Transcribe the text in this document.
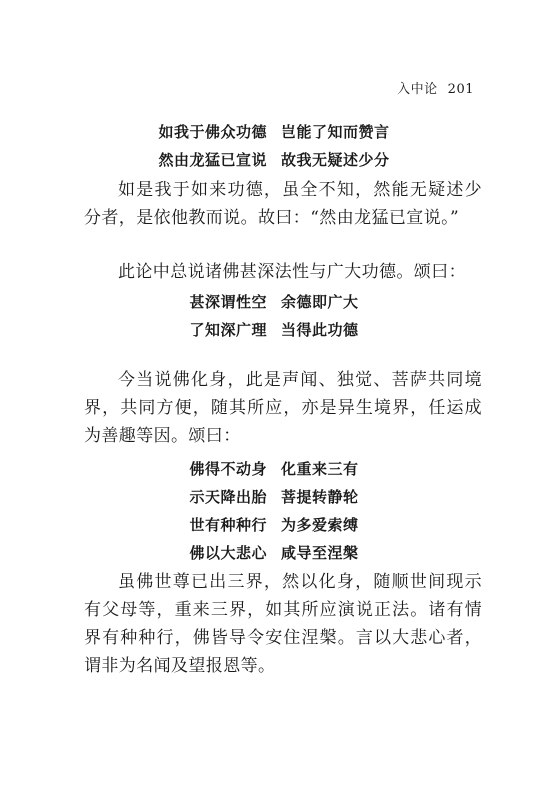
入中论 201
如我于佛众功德 岂能了知而赞言
然由龙猛已宣说 故我无疑述少分

如是我于如来功德，虽全不知，然能无疑述少分者，是依他教而说。故曰：“然由龙猛已宣说。”

此论中总说诸佛甚深法性与广大功德。颂曰：

甚深谓性空 余德即广大
了知深广理 当得此功德

今当说佛化身，此是声闻、独觉、菩萨共同境界，共同方便，随其所应，亦是异生境界，任运成为善趣等因。颂曰：

佛得不动身 化重来三有
示天降出胎 菩提转静轮
世有种种行 为多爱索缚
佛以大悲心 咸导至涅槃

虽佛世尊已出三界，然以化身，随顺世间现示有父母等，重来三界，如其所应演说正法。诸有情界有种种行，佛皆导令安住涅槃。言以大悲心者，谓非为名闻及望报恩等。
